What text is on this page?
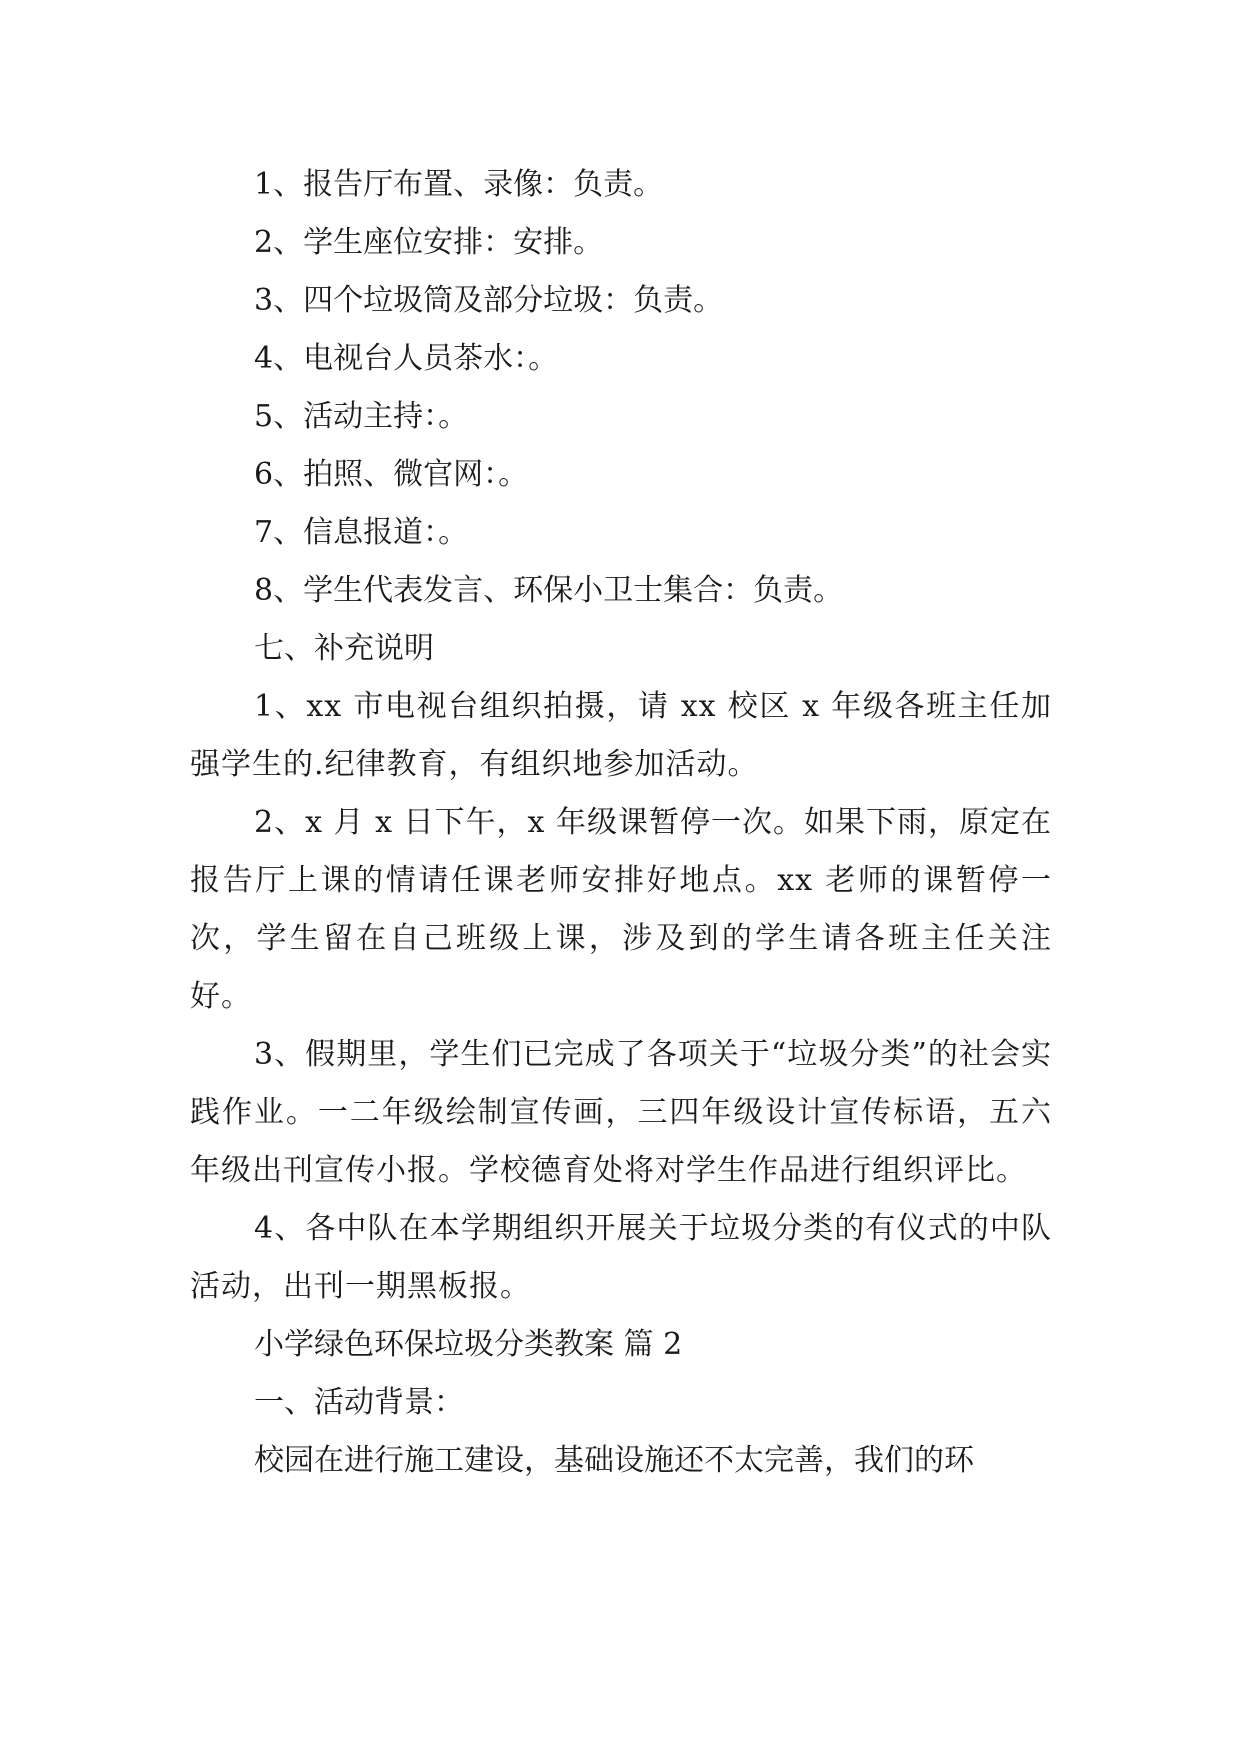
1、报告厅布置、录像：负责。

2、学生座位安排：安排。

3、四个垃圾筒及部分垃圾：负责。

4、电视台人员茶水：。

5、活动主持：。

6、拍照、微官网：。

7、信息报道：。

8、学生代表发言、环保小卫士集合：负责。

七、补充说明

1、xx 市电视台组织拍摄，请 xx 校区 x 年级各班主任加强学生的.纪律教育，有组织地参加活动。

2、x 月 x 日下午，x 年级课暂停一次。如果下雨，原定在报告厅上课的情请任课老师安排好地点。xx 老师的课暂停一次，学生留在自己班级上课，涉及到的学生请各班主任关注好。

3、假期里，学生们已完成了各项关于“垃圾分类”的社会实践作业。一二年级绘制宣传画，三四年级设计宣传标语，五六年级出刊宣传小报。学校德育处将对学生作品进行组织评比。

4、各中队在本学期组织开展关于垃圾分类的有仪式的中队活动，出刊一期黑板报。

小学绿色环保垃圾分类教案 篇 2

一、活动背景：

校园在进行施工建设，基础设施还不太完善，我们的环
